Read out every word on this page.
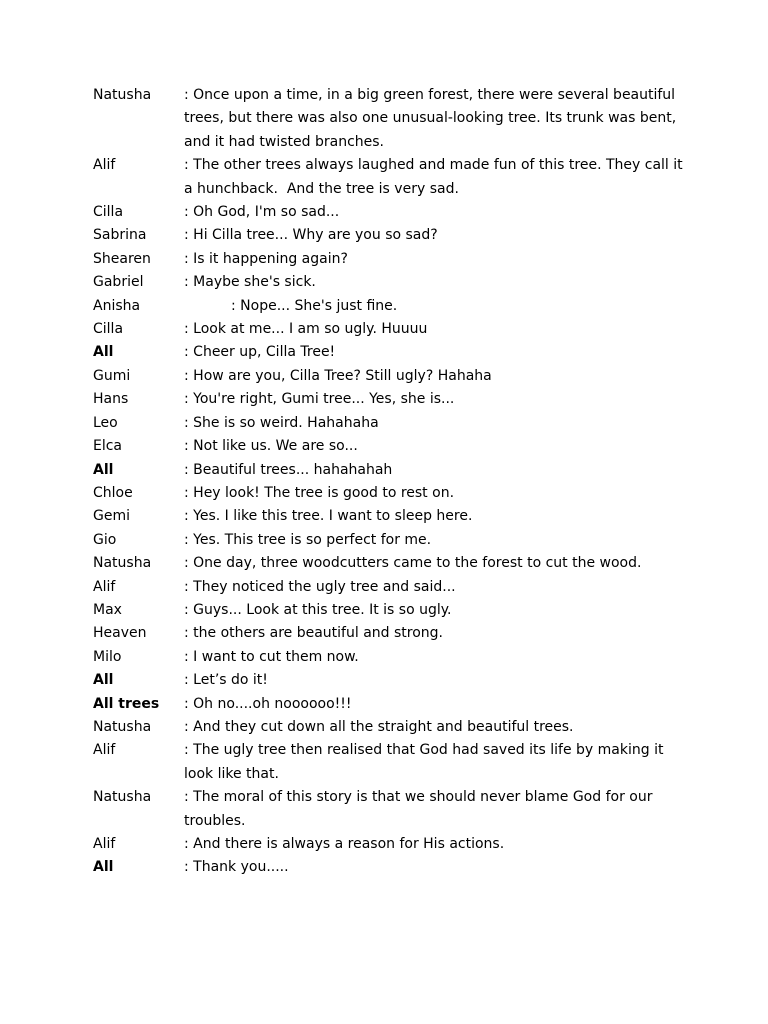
Natusha	: Once upon a time, in a big green forest, there were several beautiful trees, but there was also one unusual-looking tree. Its trunk was bent, and it had twisted branches.
Alif	: The other trees always laughed and made fun of this tree. They call it a hunchback.  And the tree is very sad.
Cilla	: Oh God, I'm so sad...
Sabrina	: Hi Cilla tree... Why are you so sad?
Shearen	: Is it happening again?
Gabriel	: Maybe she's sick.
Anisha	: Nope... She's just fine.
Cilla	: Look at me... I am so ugly. Huuuu
All	: Cheer up, Cilla Tree!
Gumi	: How are you, Cilla Tree? Still ugly? Hahaha
Hans	: You're right, Gumi tree... Yes, she is...
Leo	: She is so weird. Hahahaha
Elca	: Not like us. We are so...
All	: Beautiful trees... hahahahah
Chloe	: Hey look! The tree is good to rest on.
Gemi	: Yes. I like this tree. I want to sleep here.
Gio	: Yes. This tree is so perfect for me.
Natusha	: One day, three woodcutters came to the forest to cut the wood.
Alif	: They noticed the ugly tree and said...
Max	: Guys... Look at this tree. It is so ugly.
Heaven	: the others are beautiful and strong.
Milo	: I want to cut them now.
All	: Let’s do it!
All trees	: Oh no....oh noooooo!!!
Natusha	: And they cut down all the straight and beautiful trees.
Alif	: The ugly tree then realised that God had saved its life by making it look like that.
Natusha	: The moral of this story is that we should never blame God for our troubles.
Alif	: And there is always a reason for His actions.
All	: Thank you.....
